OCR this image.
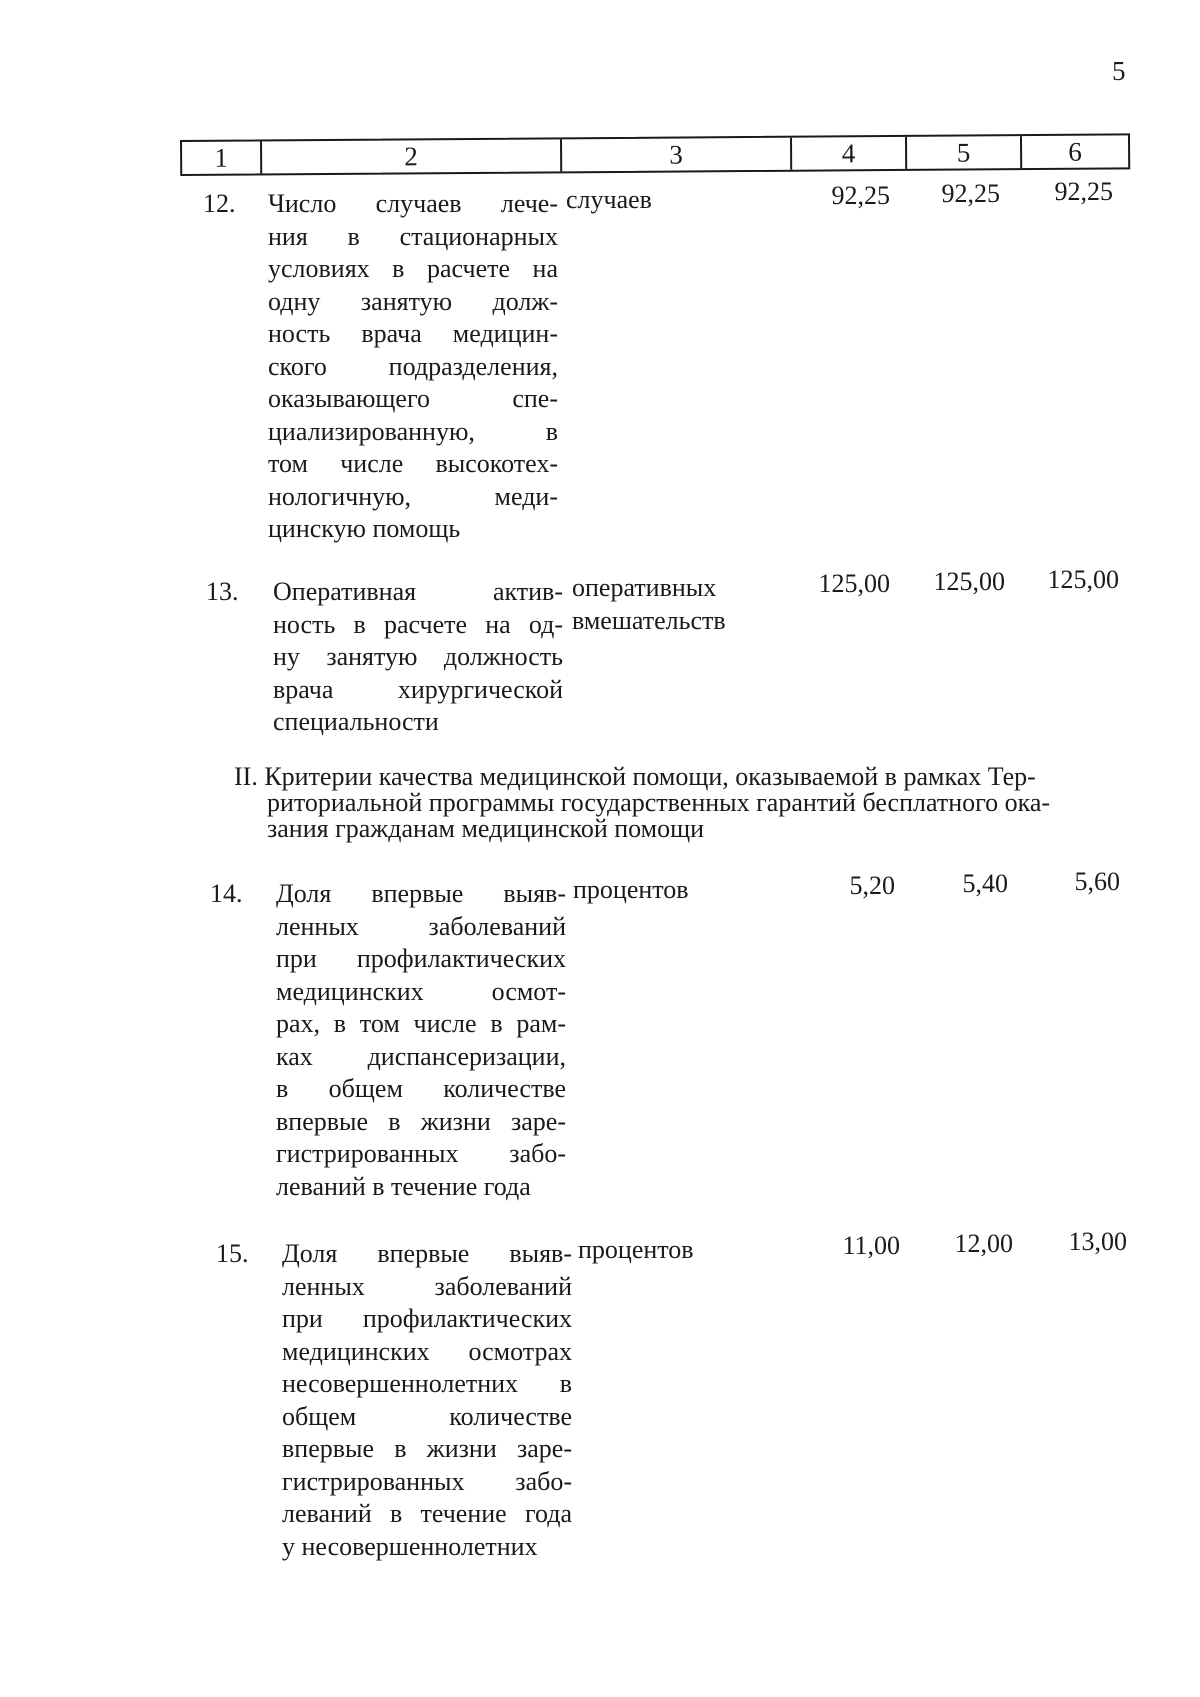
5
1	2	3	4	5	6
12.	Число случаев лече-
ния в стационарных
условиях в расчете на
одну занятую долж-
ность врача медицин-
ского подразделения,
оказывающего спе-
циализированную, в
том числе высокотех-
нологичную, меди-
цинскую помощь
случаев	92,25	92,25	92,25
13.	Оперативная актив-
ность в расчете на од-
ну занятую должность
врача хирургической
специальности
оперативных
вмешательств
125,00	125,00	125,00
14.	Доля впервые выяв-
ленных заболеваний
при профилактических
медицинских осмот-
рах, в том числе в рам-
ках диспансеризации,
в общем количестве
впервые в жизни заре-
гистрированных забо-
леваний в течение года
процентов	5,20	5,40	5,60
15.	Доля впервые выяв-
ленных заболеваний
при профилактических
медицинских осмотрах
несовершеннолетних в
общем количестве
впервые в жизни заре-
гистрированных забо-
леваний в течение года
у несовершеннолетних
процентов	11,00	12,00	13,00
II. Критерии качества медицинской помощи, оказываемой в рамках Тер-
риториальной программы государственных гарантий бесплатного ока-
зания гражданам медицинской помощи
